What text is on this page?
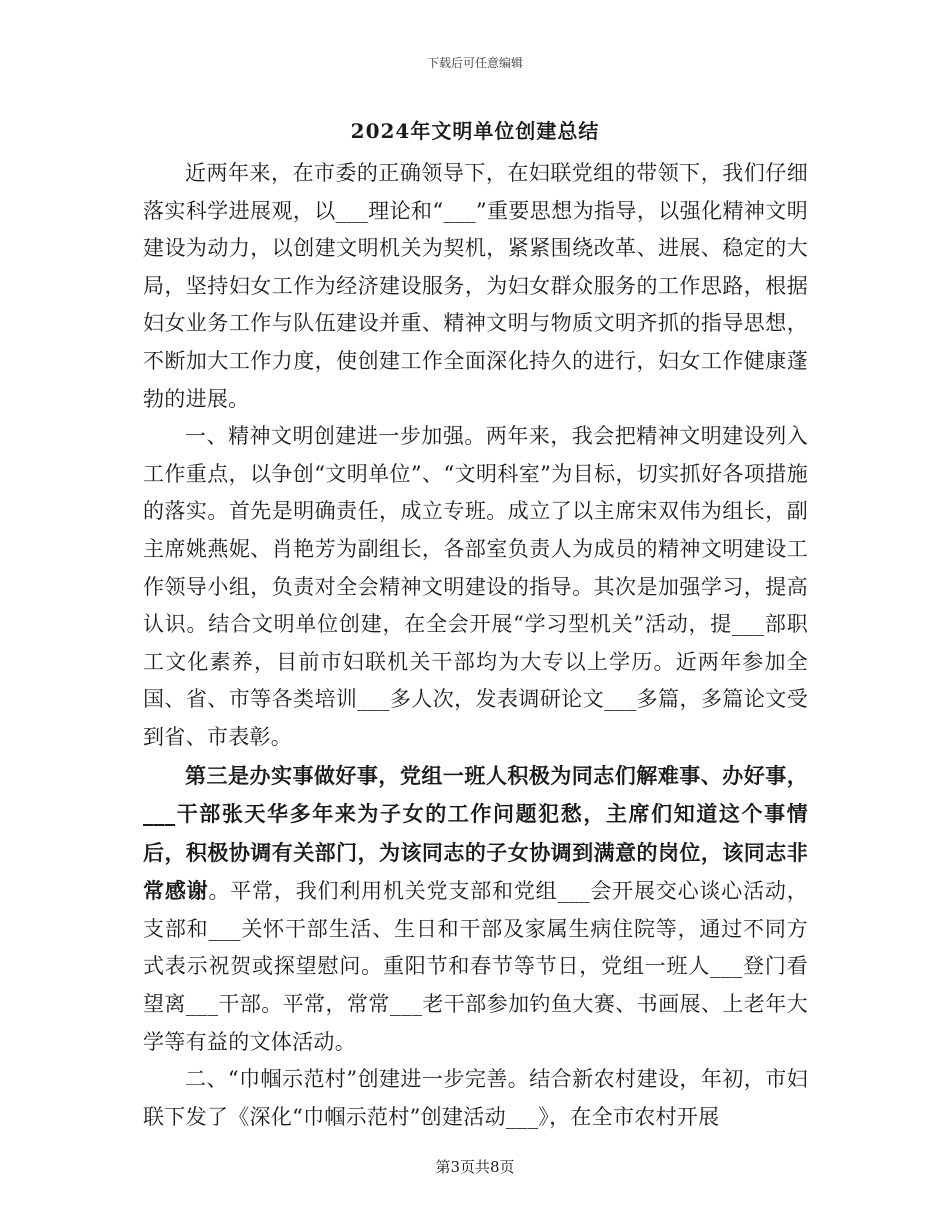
下载后可任意编辑
2024年文明单位创建总结

近两年来，在市委的正确领导下，在妇联党组的带领下，我们仔细落实科学进展观，以___理论和“___”重要思想为指导，以强化精神文明建设为动力，以创建文明机关为契机，紧紧围绕改革、进展、稳定的大局，坚持妇女工作为经济建设服务，为妇女群众服务的工作思路，根据妇女业务工作与队伍建设并重、精神文明与物质文明齐抓的指导思想，不断加大工作力度，使创建工作全面深化持久的进行，妇女工作健康蓬勃的进展。

一、精神文明创建进一步加强。两年来，我会把精神文明建设列入工作重点，以争创“文明单位”、“文明科室”为目标，切实抓好各项措施的落实。首先是明确责任，成立专班。成立了以主席宋双伟为组长，副主席姚燕妮、肖艳芳为副组长，各部室负责人为成员的精神文明建设工作领导小组，负责对全会精神文明建设的指导。其次是加强学习，提高认识。结合文明单位创建，在全会开展“学习型机关”活动，提___部职工文化素养，目前市妇联机关干部均为大专以上学历。近两年参加全国、省、市等各类培训___多人次，发表调研论文___多篇，多篇论文受到省、市表彰。

第三是办实事做好事，党组一班人积极为同志们解难事、办好事，___干部张天华多年来为子女的工作问题犯愁，主席们知道这个事情后，积极协调有关部门，为该同志的子女协调到满意的岗位，该同志非常感谢。平常，我们利用机关党支部和党组___会开展交心谈心活动，支部和___关怀干部生活、生日和干部及家属生病住院等，通过不同方式表示祝贺或探望慰问。重阳节和春节等节日，党组一班人___登门看望离___干部。平常，常常___老干部参加钓鱼大赛、书画展、上老年大学等有益的文体活动。

二、“巾帼示范村”创建进一步完善。结合新农村建设，年初，市妇联下发了《深化“巾帼示范村”创建活动___》，在全市农村开展

第3页共8页
